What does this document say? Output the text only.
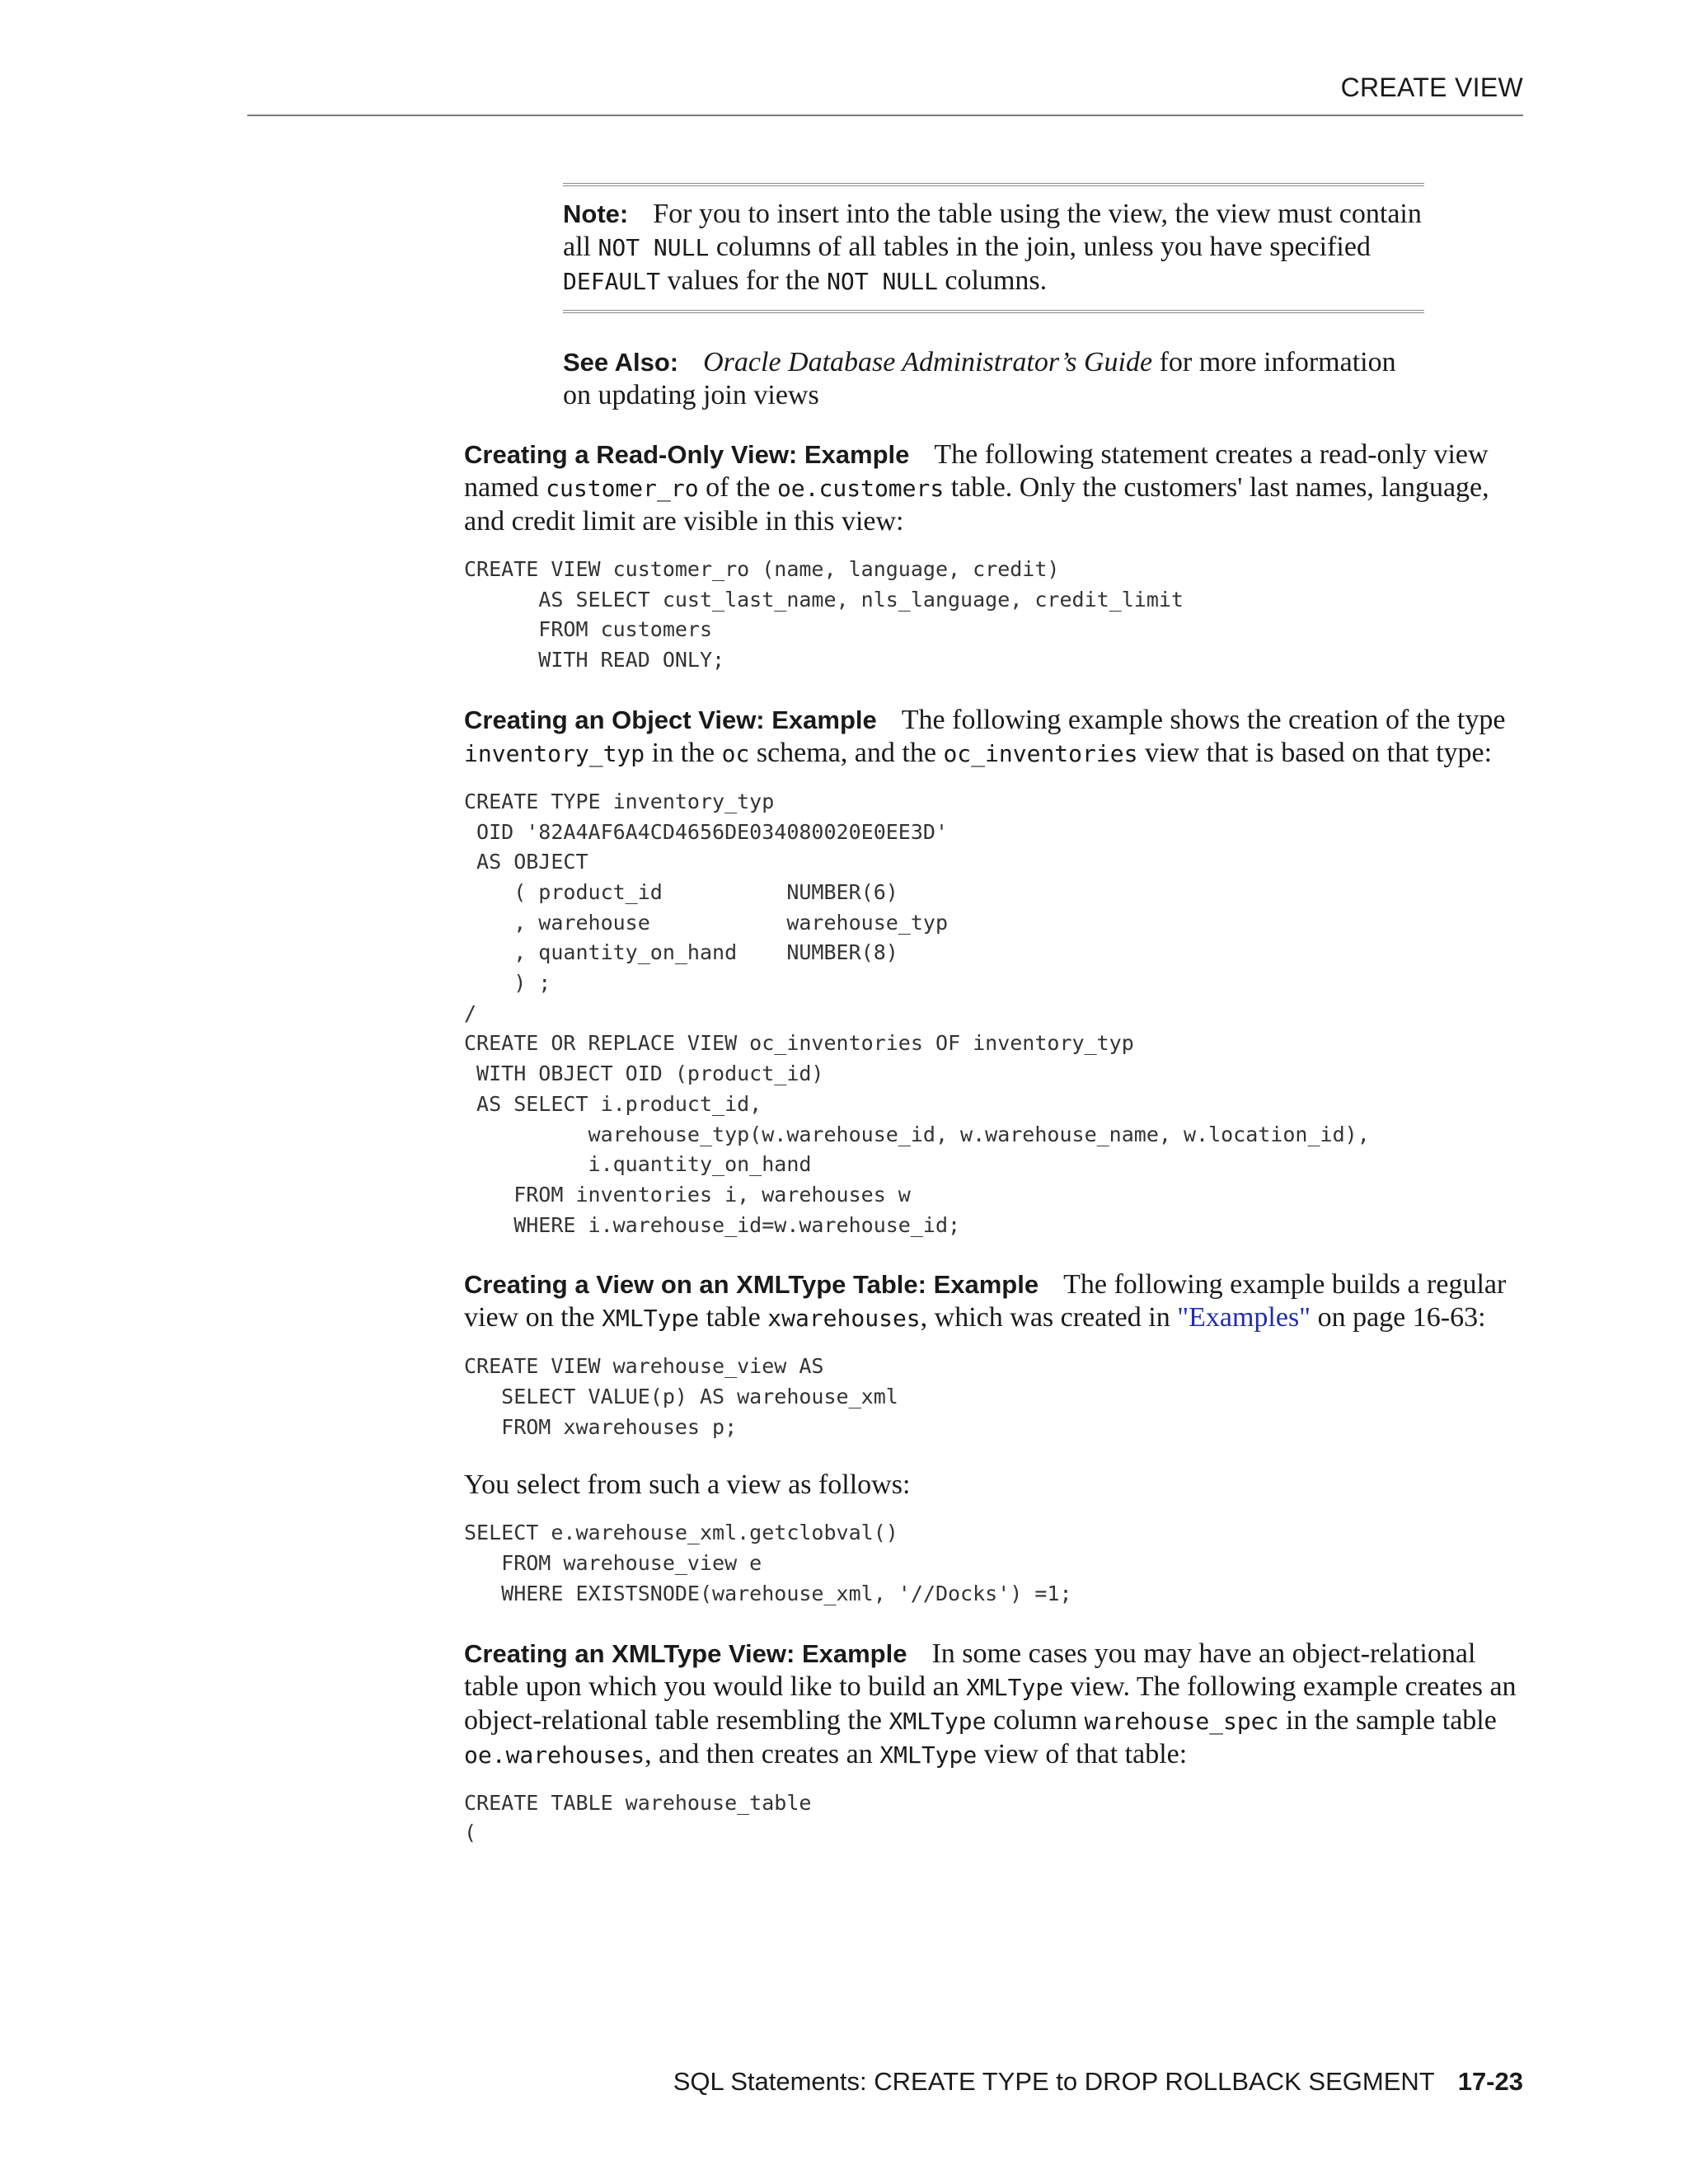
CREATE VIEW

Note: For you to insert into the table using the view, the view must contain all NOT NULL columns of all tables in the join, unless you have specified DEFAULT values for the NOT NULL columns.

See Also: Oracle Database Administrator’s Guide for more information on updating join views

Creating a Read-Only View: Example The following statement creates a read-only view named customer_ro of the oe.customers table. Only the customers' last names, language, and credit limit are visible in this view:

CREATE VIEW customer_ro (name, language, credit)
AS SELECT cust_last_name, nls_language, credit_limit
FROM customers
WITH READ ONLY;

Creating an Object View: Example The following example shows the creation of the type inventory_typ in the oc schema, and the oc_inventories view that is based on that type:

CREATE TYPE inventory_typ
OID '82A4AF6A4CD4656DE034080020E0EE3D'
AS OBJECT
( product_id          NUMBER(6)
, warehouse           warehouse_typ
, quantity_on_hand    NUMBER(8)
) ;
/
CREATE OR REPLACE VIEW oc_inventories OF inventory_typ
WITH OBJECT OID (product_id)
AS SELECT i.product_id,
warehouse_typ(w.warehouse_id, w.warehouse_name, w.location_id),
i.quantity_on_hand
FROM inventories i, warehouses w
WHERE i.warehouse_id=w.warehouse_id;

Creating a View on an XMLType Table: Example The following example builds a regular view on the XMLType table xwarehouses, which was created in "Examples" on page 16-63:

CREATE VIEW warehouse_view AS
SELECT VALUE(p) AS warehouse_xml
FROM xwarehouses p;

You select from such a view as follows:

SELECT e.warehouse_xml.getclobval()
FROM warehouse_view e
WHERE EXISTSNODE(warehouse_xml, '//Docks') =1;

Creating an XMLType View: Example In some cases you may have an object-relational table upon which you would like to build an XMLType view. The following example creates an object-relational table resembling the XMLType column warehouse_spec in the sample table oe.warehouses, and then creates an XMLType view of that table:

CREATE TABLE warehouse_table
(
SQL Statements: CREATE TYPE to DROP ROLLBACK SEGMENT 17-23
